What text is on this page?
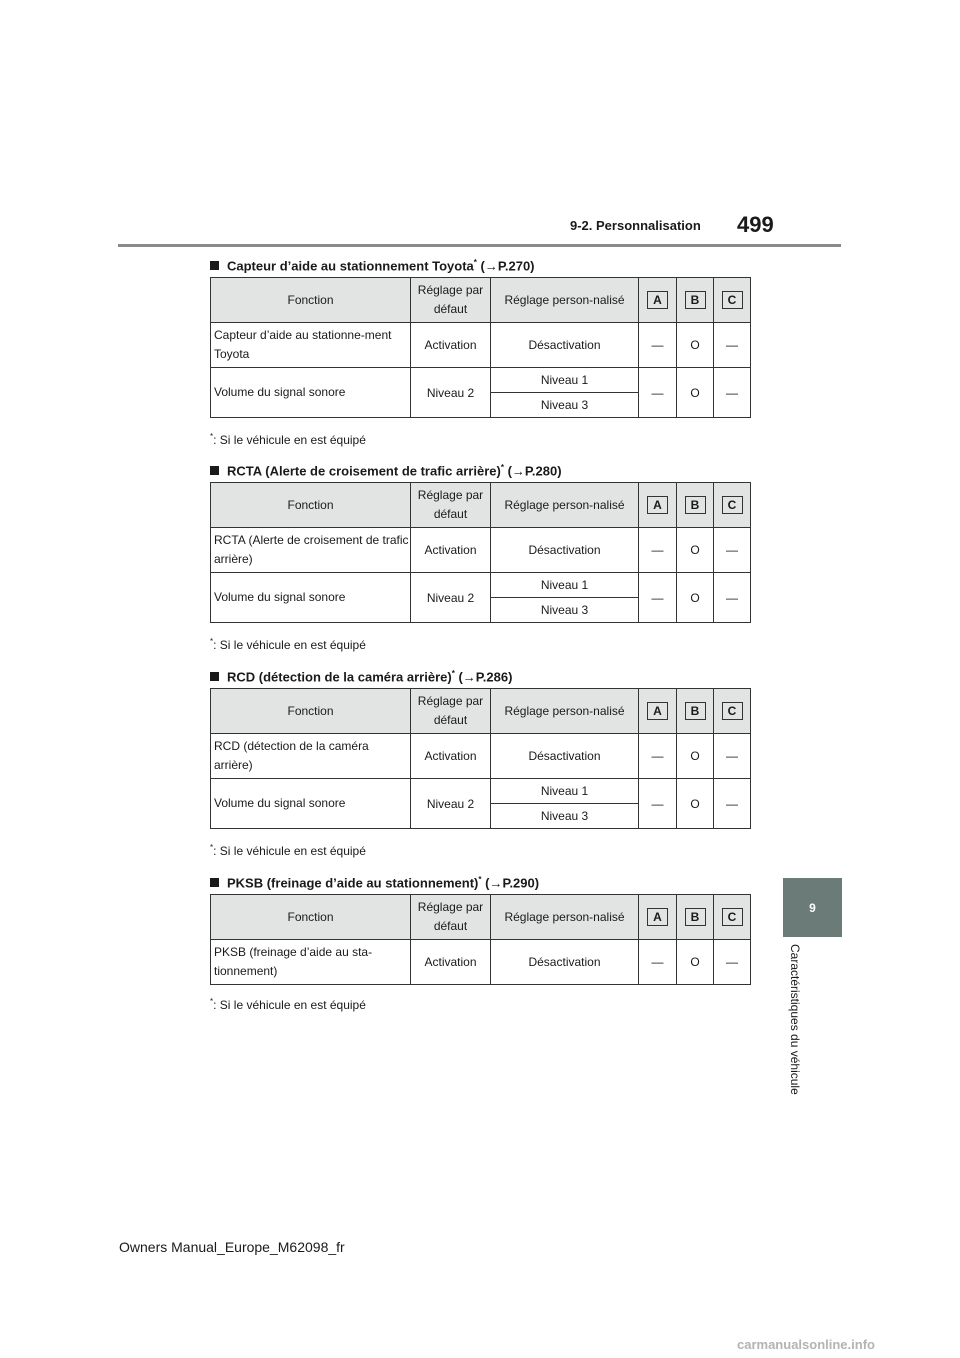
9-2. Personnalisation 499
9
Caractéristiques du véhicule
Capteur d’aide au stationnement Toyota* (→P.270)
Fonction	Réglage par défaut	Réglage person-nalisé	A	B	C
Capteur d’aide au stationne-ment Toyota	Activation	Désactivation	—	O	—
Volume du signal sonore	Niveau 2	Niveau 1	—	O	—
		Niveau 3			
*: Si le véhicule en est équipé
RCTA (Alerte de croisement de trafic arrière)* (→P.280)
Fonction	Réglage par défaut	Réglage person-nalisé	A	B	C
RCTA (Alerte de croisement de trafic arrière)	Activation	Désactivation	—	O	—
Volume du signal sonore	Niveau 2	Niveau 1	—	O	—
		Niveau 3			
*: Si le véhicule en est équipé
RCD (détection de la caméra arrière)* (→P.286)
Fonction	Réglage par défaut	Réglage person-nalisé	A	B	C
RCD (détection de la caméra arrière)	Activation	Désactivation	—	O	—
Volume du signal sonore	Niveau 2	Niveau 1	—	O	—
		Niveau 3			
*: Si le véhicule en est équipé
PKSB (freinage d’aide au stationnement)* (→P.290)
Fonction	Réglage par défaut	Réglage person-nalisé	A	B	C
PKSB (freinage d’aide au sta-tionnement)	Activation	Désactivation	—	O	—
*: Si le véhicule en est équipé
Owners Manual_Europe_M62098_fr
carmanualsonline.info
